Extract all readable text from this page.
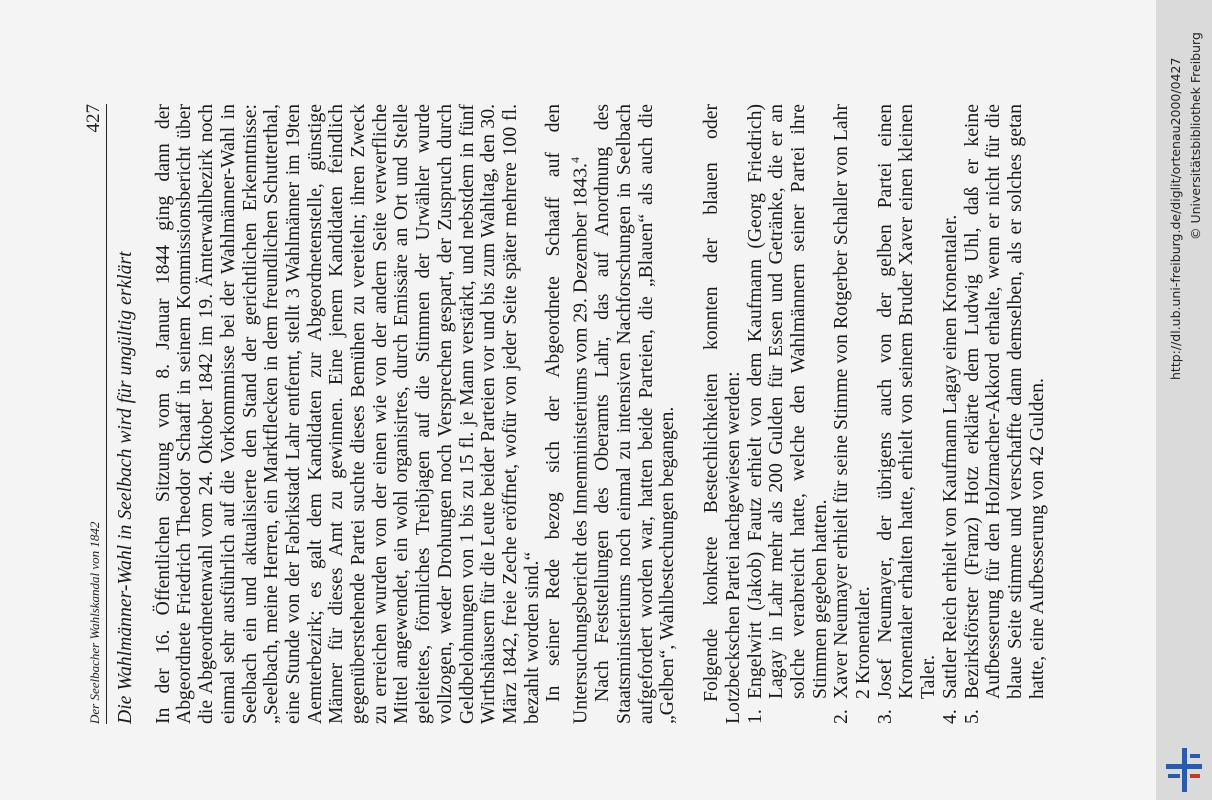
Der Seelbacher Wahlskandal von 1842
427
Die Wahlmänner-Wahl in Seelbach wird für ungültig erklärt In der 16. Öffentlichen Sitzung vom 8. Januar 1844 ging dann der Abgeordnete Friedrich Theodor Schaaff in seinem Kommissionsbericht über die Abgeordnetenwahl vom 24. Oktober 1842 im 19. Ämterwahlbezirk noch einmal sehr ausführlich auf die Vorkommnisse bei der Wahlmänner-Wahl in Seelbach ein und aktualisierte den Stand der gerichtlichen Erkenntnisse: „Seelbach, meine Herren, ein Marktflecken in dem freundlichen Schutterthal, eine Stunde von der Fabrikstadt Lahr entfernt, stellt 3 Wahlmänner im 19ten Aemterbezirk; es galt dem Kandidaten zur Abgeordnetenstelle, günstige Männer für dieses Amt zu gewinnen. Eine jenem Kandidaten feindlich gegenüberstehende Partei suchte dieses Bemühen zu vereiteln; ihren Zweck zu erreichen wurden von der einen wie von der andern Seite verwerfliche Mittel angewendet, ein wohl organisirtes, durch Emissäre an Ort und Stelle geleitetes, förmliches Treibjagen auf die Stimmen der Urwähler wurde vollzogen, weder Drohungen noch Versprechen gespart, der Zuspruch durch Geldbelohnungen von 1 bis zu 15 fl. je Mann verstärkt, und nebstdem in fünf Wirthshäusern für die Leute beider Parteien vor und bis zum Wahltag, den 30. März 1842, freie Zeche eröffnet, wofür von jeder Seite später mehrere 100 fl. bezahlt worden sind.“ In seiner Rede bezog sich der Abgeordnete Schaaff auf den Untersuchungsbericht des Innenministeriums vom 29. Dezember 1843.$^4$ Nach Feststellungen des Oberamts Lahr, das auf Anordnung des Staatsministeriums noch einmal zu intensiven Nachforschungen in Seelbach aufgefordert worden war, hatten beide Parteien, die „Blauen“ als auch die „Gelben“, Wahlbestechungen begangen. Folgende konkrete Bestechlichkeiten konnten der blauen oder Lotzbeckschen Partei nachgewiesen werden: 1.
Engelwirt (Jakob) Fautz erhielt von dem Kaufmann (Georg Friedrich) Lagay in Lahr mehr als 200 Gulden für Essen und Getränke, die er an solche verabreicht hatte, welche den Wahlmännern seiner Partei ihre Stimmen gegeben hatten.
2.
Xaver Neumayer erhielt für seine Stimme von Rotgerber Schaller von Lahr 2 Kronentaler.
3.
Josef Neumayer, der übrigens auch von der gelben Partei einen Kronentaler erhalten hatte, erhielt von seinem Bruder Xaver einen kleinen Taler.
4.
Sattler Reich erhielt von Kaufmann Lagay einen Kronentaler.
5.
Bezirksförster (Franz) Hotz erklärte dem Ludwig Uhl, daß er keine Aufbesserung für den Holzmacher-Akkord erhalte, wenn er nicht für die blaue Seite stimme und verschaffte dann demselben, als er solches getan hatte, eine Aufbesserung von 42 Gulden.
http://dl.ub.uni-freiburg.de/diglit/ortenau2000/0427 © Universitätsbibliothek Freiburg
